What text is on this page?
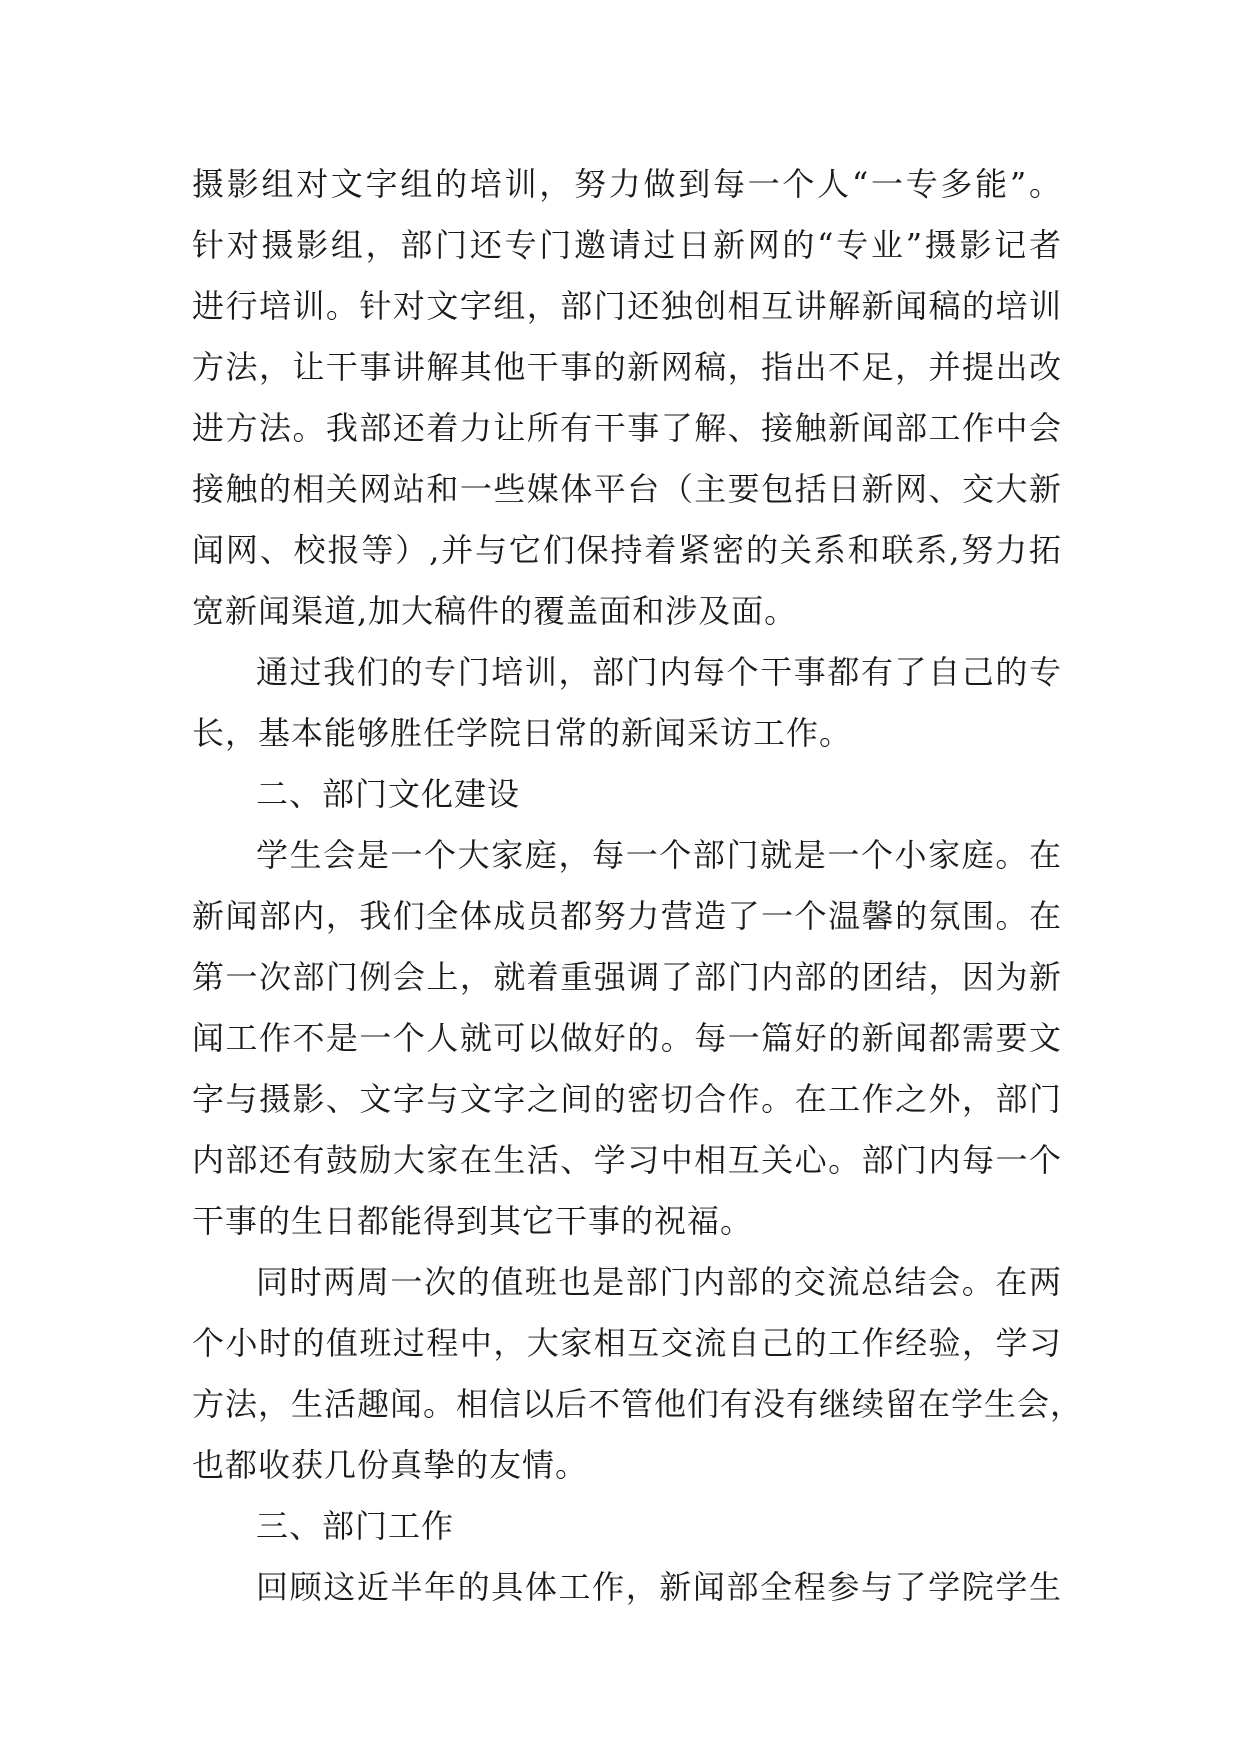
摄影组对文字组的培训，努力做到每一个人“一专多能”。
针对摄影组，部门还专门邀请过日新网的“专业”摄影记者
进行培训。针对文字组，部门还独创相互讲解新闻稿的培训
方法，让干事讲解其他干事的新网稿，指出不足，并提出改
进方法。我部还着力让所有干事了解、接触新闻部工作中会
接触的相关网站和一些媒体平台（主要包括日新网、交大新
闻网、校报等）,并与它们保持着紧密的关系和联系,努力拓
宽新闻渠道,加大稿件的覆盖面和涉及面。
通过我们的专门培训，部门内每个干事都有了自己的专
长，基本能够胜任学院日常的新闻采访工作。
二、部门文化建设
学生会是一个大家庭，每一个部门就是一个小家庭。在
新闻部内，我们全体成员都努力营造了一个温馨的氛围。在
第一次部门例会上，就着重强调了部门内部的团结，因为新
闻工作不是一个人就可以做好的。每一篇好的新闻都需要文
字与摄影、文字与文字之间的密切合作。在工作之外，部门
内部还有鼓励大家在生活、学习中相互关心。部门内每一个
干事的生日都能得到其它干事的祝福。
同时两周一次的值班也是部门内部的交流总结会。在两
个小时的值班过程中，大家相互交流自己的工作经验，学习
方法，生活趣闻。相信以后不管他们有没有继续留在学生会，
也都收获几份真挚的友情。
三、部门工作
回顾这近半年的具体工作，新闻部全程参与了学院学生
